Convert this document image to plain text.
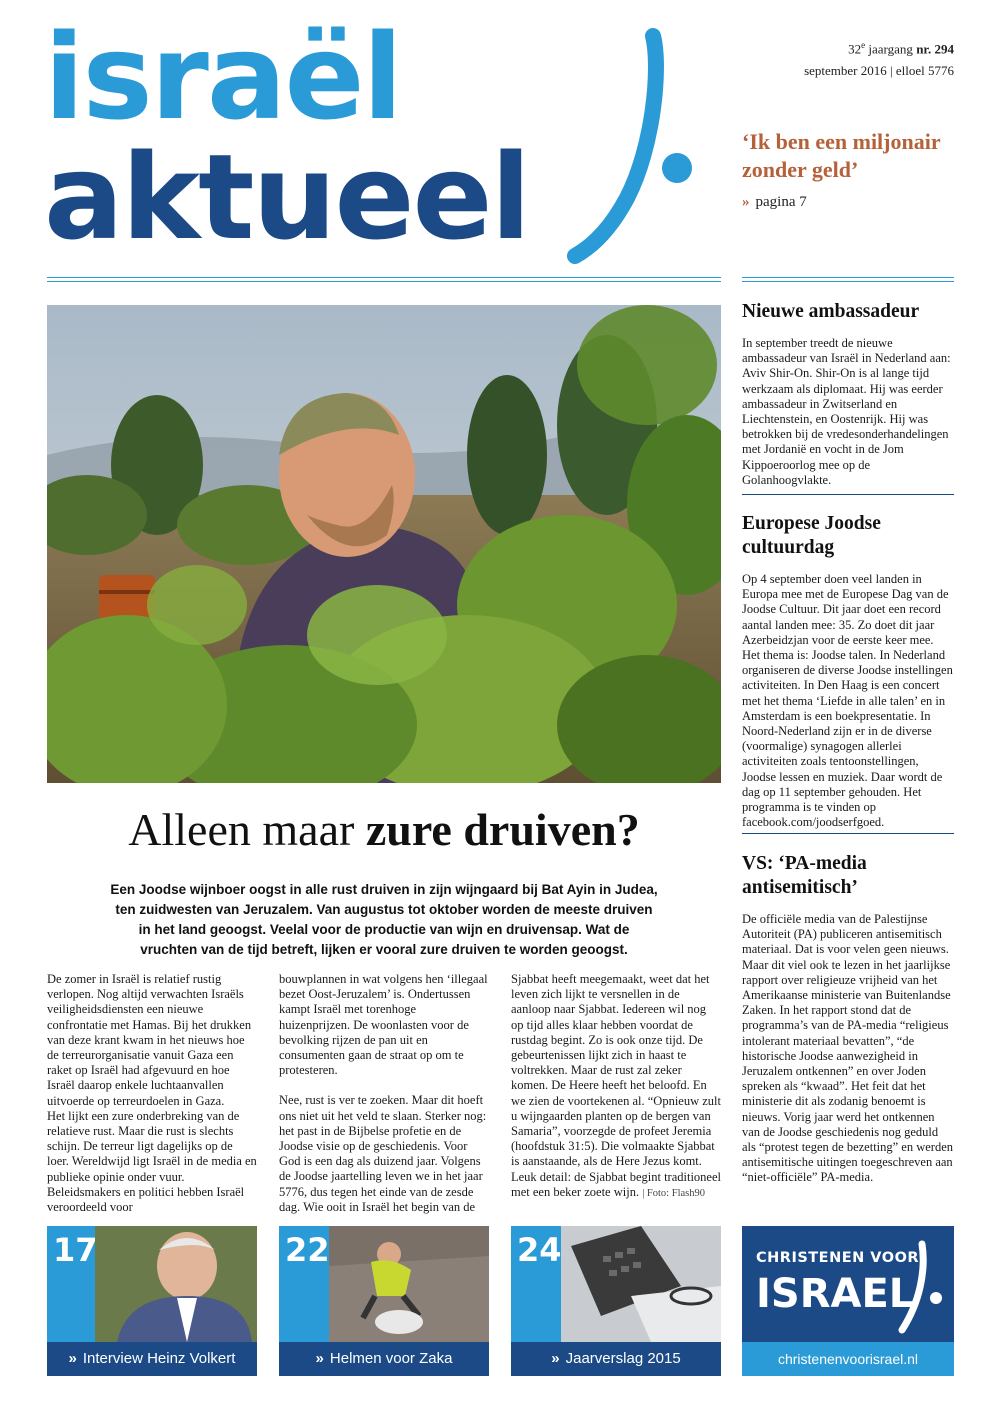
israël
aktueel
32e jaargang nr. 294
september 2016 | elloel 5776
‘Ik ben een miljonair zonder geld’
» pagina 7
Alleen maar zure druiven?
Een Joodse wijnboer oogst in alle rust druiven in zijn wijngaard bij Bat Ayin in Judea, ten zuidwesten van Jeruzalem. Van augustus tot oktober worden de meeste druiven in het land geoogst. Veelal voor de productie van wijn en druivensap. Wat de vruchten van de tijd betreft, lijken er vooral zure druiven te worden geoogst.

De zomer in Israël is relatief rustig verlopen. Nog altijd verwachten Israëls veiligheidsdiensten een nieuwe confrontatie met Hamas. Bij het drukken van deze krant kwam in het nieuws hoe de terreurorganisatie vanuit Gaza een raket op Israël had afgevuurd en hoe Israël daarop enkele luchtaanvallen uitvoerde op terreurdoelen in Gaza.

Het lijkt een zure onderbreking van de relatieve rust. Maar die rust is slechts schijn. De terreur ligt dagelijks op de loer. Wereldwijd ligt Israël in de media en publieke opinie onder vuur. Beleidsmakers en politici hebben Israël veroordeeld voor

bouwplannen in wat volgens hen ‘illegaal bezet Oost-Jeruzalem’ is. Ondertussen kampt Israël met torenhoge huizenprijzen. De woonlasten voor de bevolking rijzen de pan uit en consumenten gaan de straat op om te protesteren.

Nee, rust is ver te zoeken. Maar dit hoeft ons niet uit het veld te slaan. Sterker nog: het past in de Bijbelse profetie en de Joodse visie op de geschiedenis. Voor God is een dag als duizend jaar. Volgens de Joodse jaartelling leven we in het jaar 5776, dus tegen het einde van de zesde dag. Wie ooit in Israël het begin van de

Sjabbat heeft meegemaakt, weet dat het leven zich lijkt te versnellen in de aanloop naar Sjabbat. Iedereen wil nog op tijd alles klaar hebben voordat de rustdag begint. Zo is ook onze tijd. De gebeurtenissen lijkt zich in haast te voltrekken. Maar de rust zal zeker komen. De Heere heeft het beloofd. En we zien de voortekenen al. “Opnieuw zult u wijngaarden planten op de bergen van Samaria”, voorzegde de profeet Jeremia (hoofdstuk 31:5). Die volmaakte Sjabbat is aanstaande, als de Here Jezus komt. Leuk detail: de Sjabbat begint traditioneel met een beker zoete wijn. | Foto: Flash90

Nieuwe ambassadeur
In september treedt de nieuwe ambassadeur van Israël in Nederland aan: Aviv Shir-On. Shir-On is al lange tijd werkzaam als diplomaat. Hij was eerder ambassadeur in Zwitserland en Liechtenstein, en Oostenrijk. Hij was betrokken bij de vredesonderhandelingen met Jordanië en vocht in de Jom Kippoeroorlog mee op de Golanhoogvlakte.
Europese Joodse cultuurdag
Op 4 september doen veel landen in Europa mee met de Europese Dag van de Joodse Cultuur. Dit jaar doet een record aantal landen mee: 35. Zo doet dit jaar Azerbeidzjan voor de eerste keer mee. Het thema is: Joodse talen. In Nederland organiseren de diverse Joodse instellingen activiteiten. In Den Haag is een concert met het thema ‘Liefde in alle talen’ en in Amsterdam is een boekpresentatie. In Noord-Nederland zijn er in de diverse (voormalige) synagogen allerlei activiteiten zoals tentoonstellingen, Joodse lessen en muziek. Daar wordt de dag op 11 september gehouden. Het programma is te vinden op facebook.com/joodserfgoed.
VS: ‘PA-media antisemitisch’
De officiële media van de Palestijnse Autoriteit (PA) publiceren antisemitisch materiaal. Dat is voor velen geen nieuws. Maar dit viel ook te lezen in het jaarlijkse rapport over religieuze vrijheid van het Amerikaanse ministerie van Buitenlandse Zaken. In het rapport stond dat de programma’s van de PA-media “religieus intolerant materiaal bevatten”, “de historische Joodse aanwezigheid in Jeruzalem ontkennen” en over Joden spreken als “kwaad”. Het feit dat het ministerie dit als zodanig benoemt is nieuws. Vorig jaar werd het ontkennen van de Joodse geschiedenis nog geduld als “protest tegen de bezetting” en werden antisemitische uitingen toegeschreven aan “niet-officiële” PA-media.
17
» Interview Heinz Volkert
22
» Helmen voor Zaka
24
» Jaarverslag 2015
CHRISTENEN VOOR
ISRAEL
christenenvoorisrael.nl
